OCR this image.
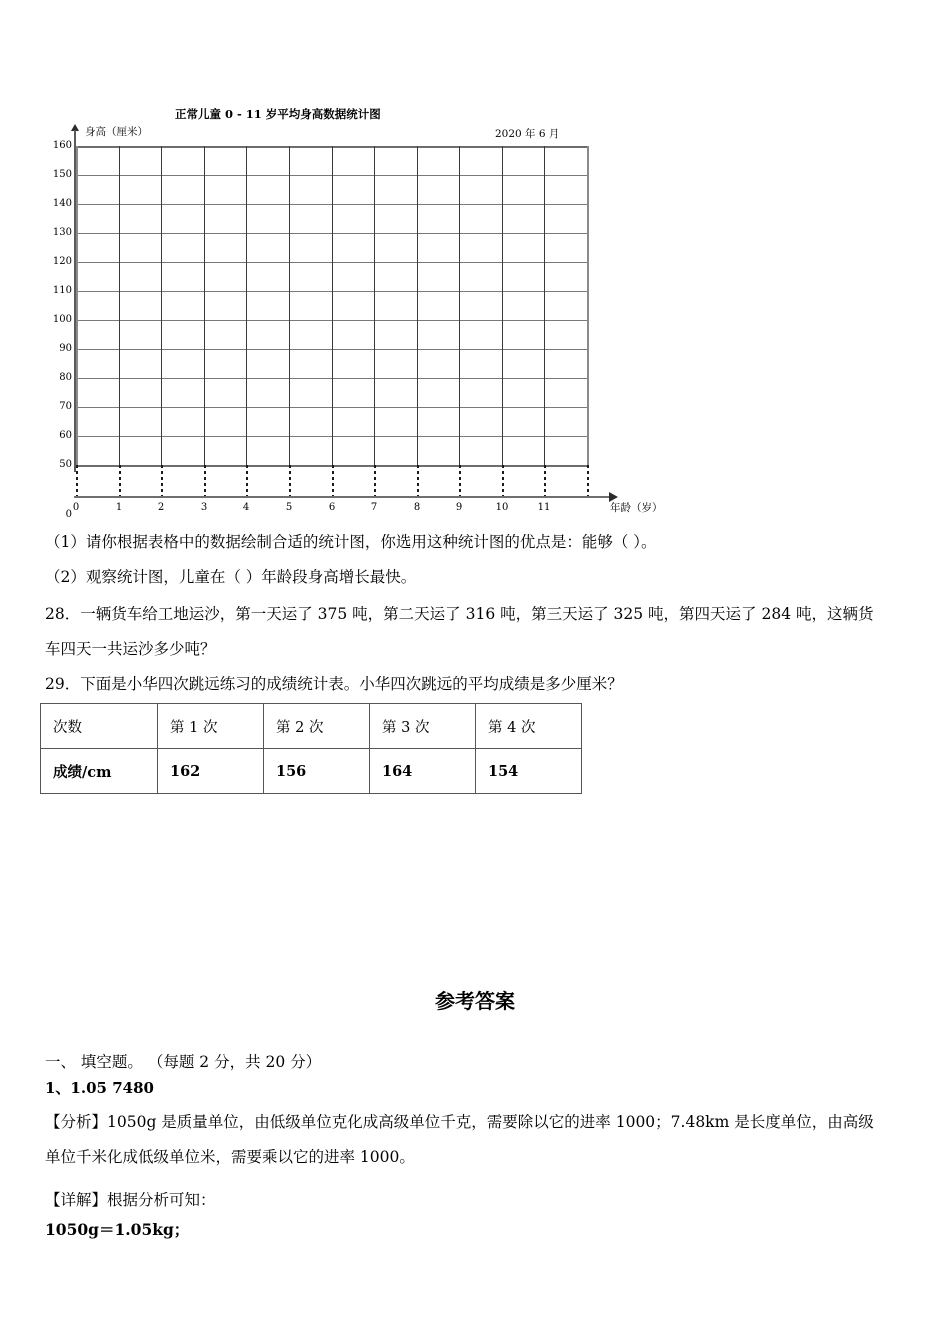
正常儿童 0 - 11 岁平均身高数据统计图
身高（厘米）	2020 年 6 月
160
150
140
130
120
110
100
90
80
70
60
50
0
0	1	2	3	4	5	6	7	8	9	10	11	年龄（岁）
（1）请你根据表格中的数据绘制合适的统计图，你选用这种统计图的优点是：能够（ ）。
（2）观察统计图，儿童在（ ）年龄段身高增长最快。
28．一辆货车给工地运沙，第一天运了 375 吨，第二天运了 316 吨，第三天运了 325 吨，第四天运了 284 吨，这辆货
车四天一共运沙多少吨？
29．下面是小华四次跳远练习的成绩统计表。小华四次跳远的平均成绩是多少厘米？
次数	第 1 次	第 2 次	第 3 次	第 4 次
成绩/cm	162	156	164	154
参考答案
一、 填空题。 （每题 2 分，共 20 分）
1、1.05 7480
【分析】1050g 是质量单位，由低级单位克化成高级单位千克，需要除以它的进率 1000；7.48km 是长度单位，由高级
单位千米化成低级单位米，需要乘以它的进率 1000。
【详解】根据分析可知：
1050g＝1.05kg；
